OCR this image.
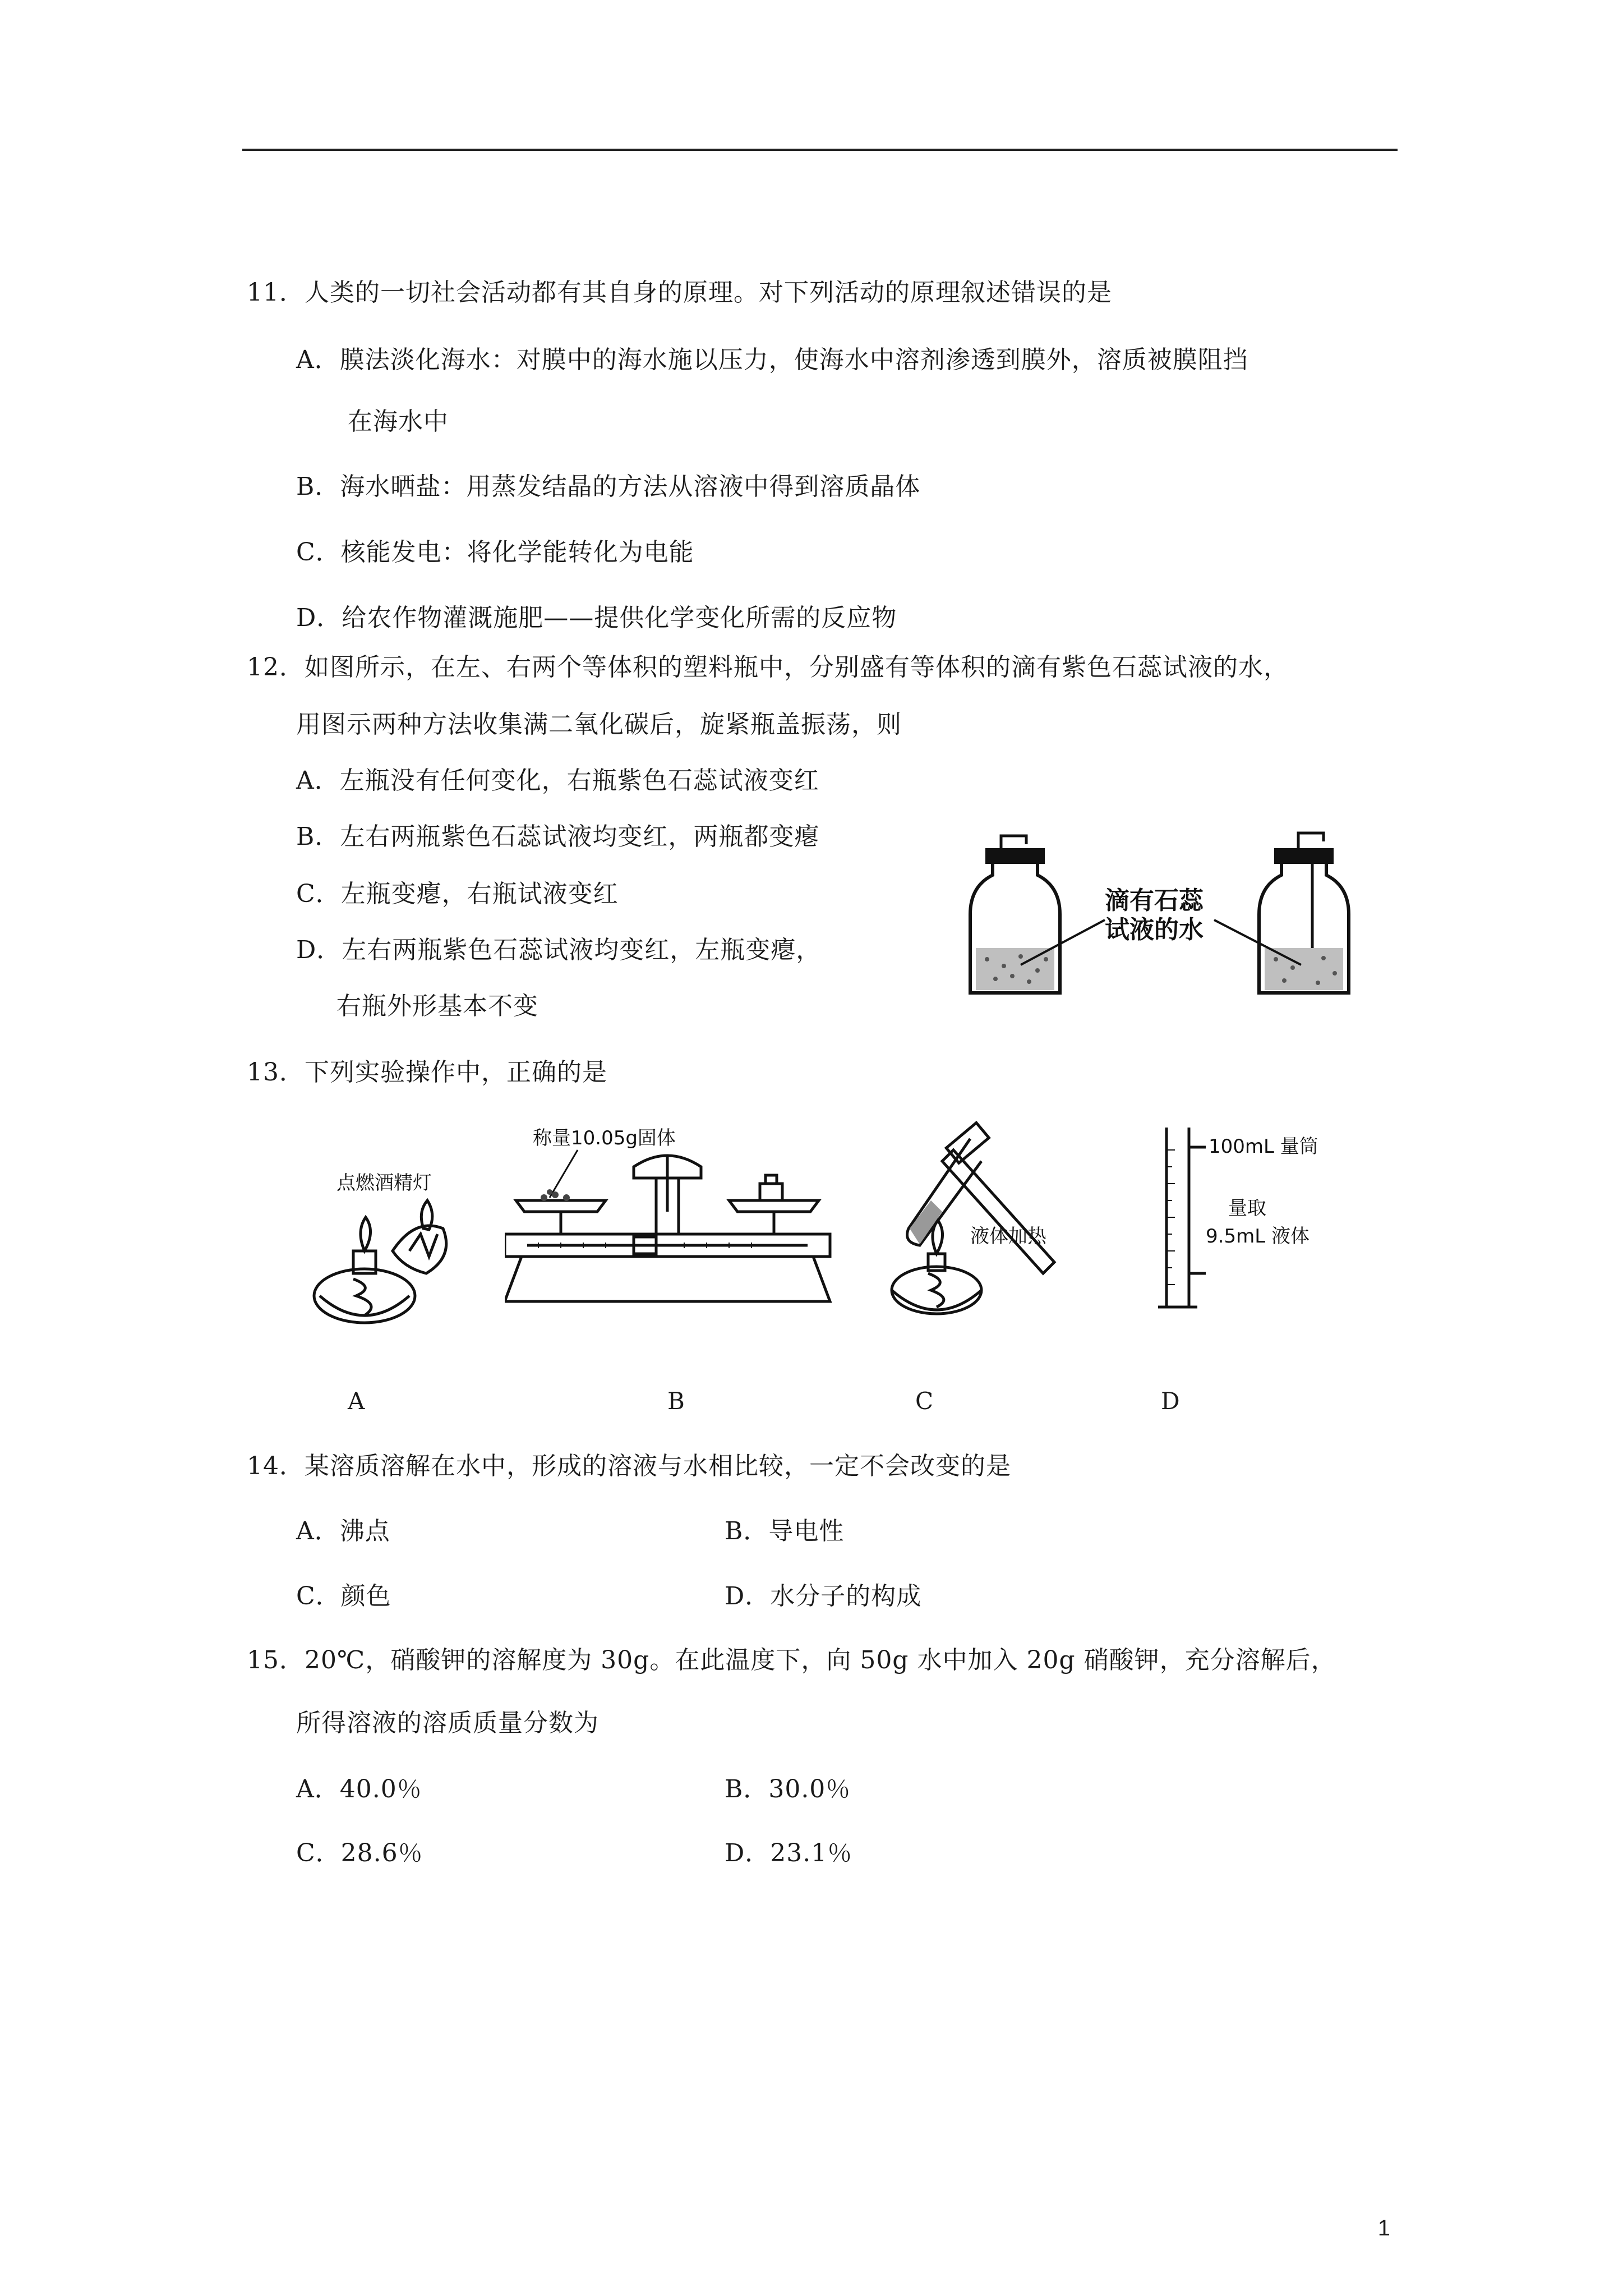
11．人类的一切社会活动都有其自身的原理。对下列活动的原理叙述错误的是
A．膜法淡化海水：对膜中的海水施以压力，使海水中溶剂渗透到膜外，溶质被膜阻挡
在海水中
B．海水晒盐：用蒸发结晶的方法从溶液中得到溶质晶体
C．核能发电：将化学能转化为电能
D．给农作物灌溉施肥——提供化学变化所需的反应物
12．如图所示，在左、右两个等体积的塑料瓶中，分别盛有等体积的滴有紫色石蕊试液的水，
用图示两种方法收集满二氧化碳后，旋紧瓶盖振荡，则
A．左瓶没有任何变化，右瓶紫色石蕊试液变红
B．左右两瓶紫色石蕊试液均变红，两瓶都变瘪
C．左瓶变瘪，右瓶试液变红
D．左右两瓶紫色石蕊试液均变红，左瓶变瘪，
右瓶外形基本不变
滴有石蕊
试液的水
13．下列实验操作中，正确的是
点燃酒精灯
称量10.05g固体
液体加热
100mL 量筒
量取
9.5mL 液体
A	B	C	D
14．某溶质溶解在水中，形成的溶液与水相比较，一定不会改变的是
A．沸点	B．导电性
C．颜色	D．水分子的构成
15．20℃，硝酸钾的溶解度为 30g。在此温度下，向 50g 水中加入 20g 硝酸钾，充分溶解后，
所得溶液的溶质质量分数为
A．40.0％	B．30.0％
C．28.6％	D．23.1％
1
